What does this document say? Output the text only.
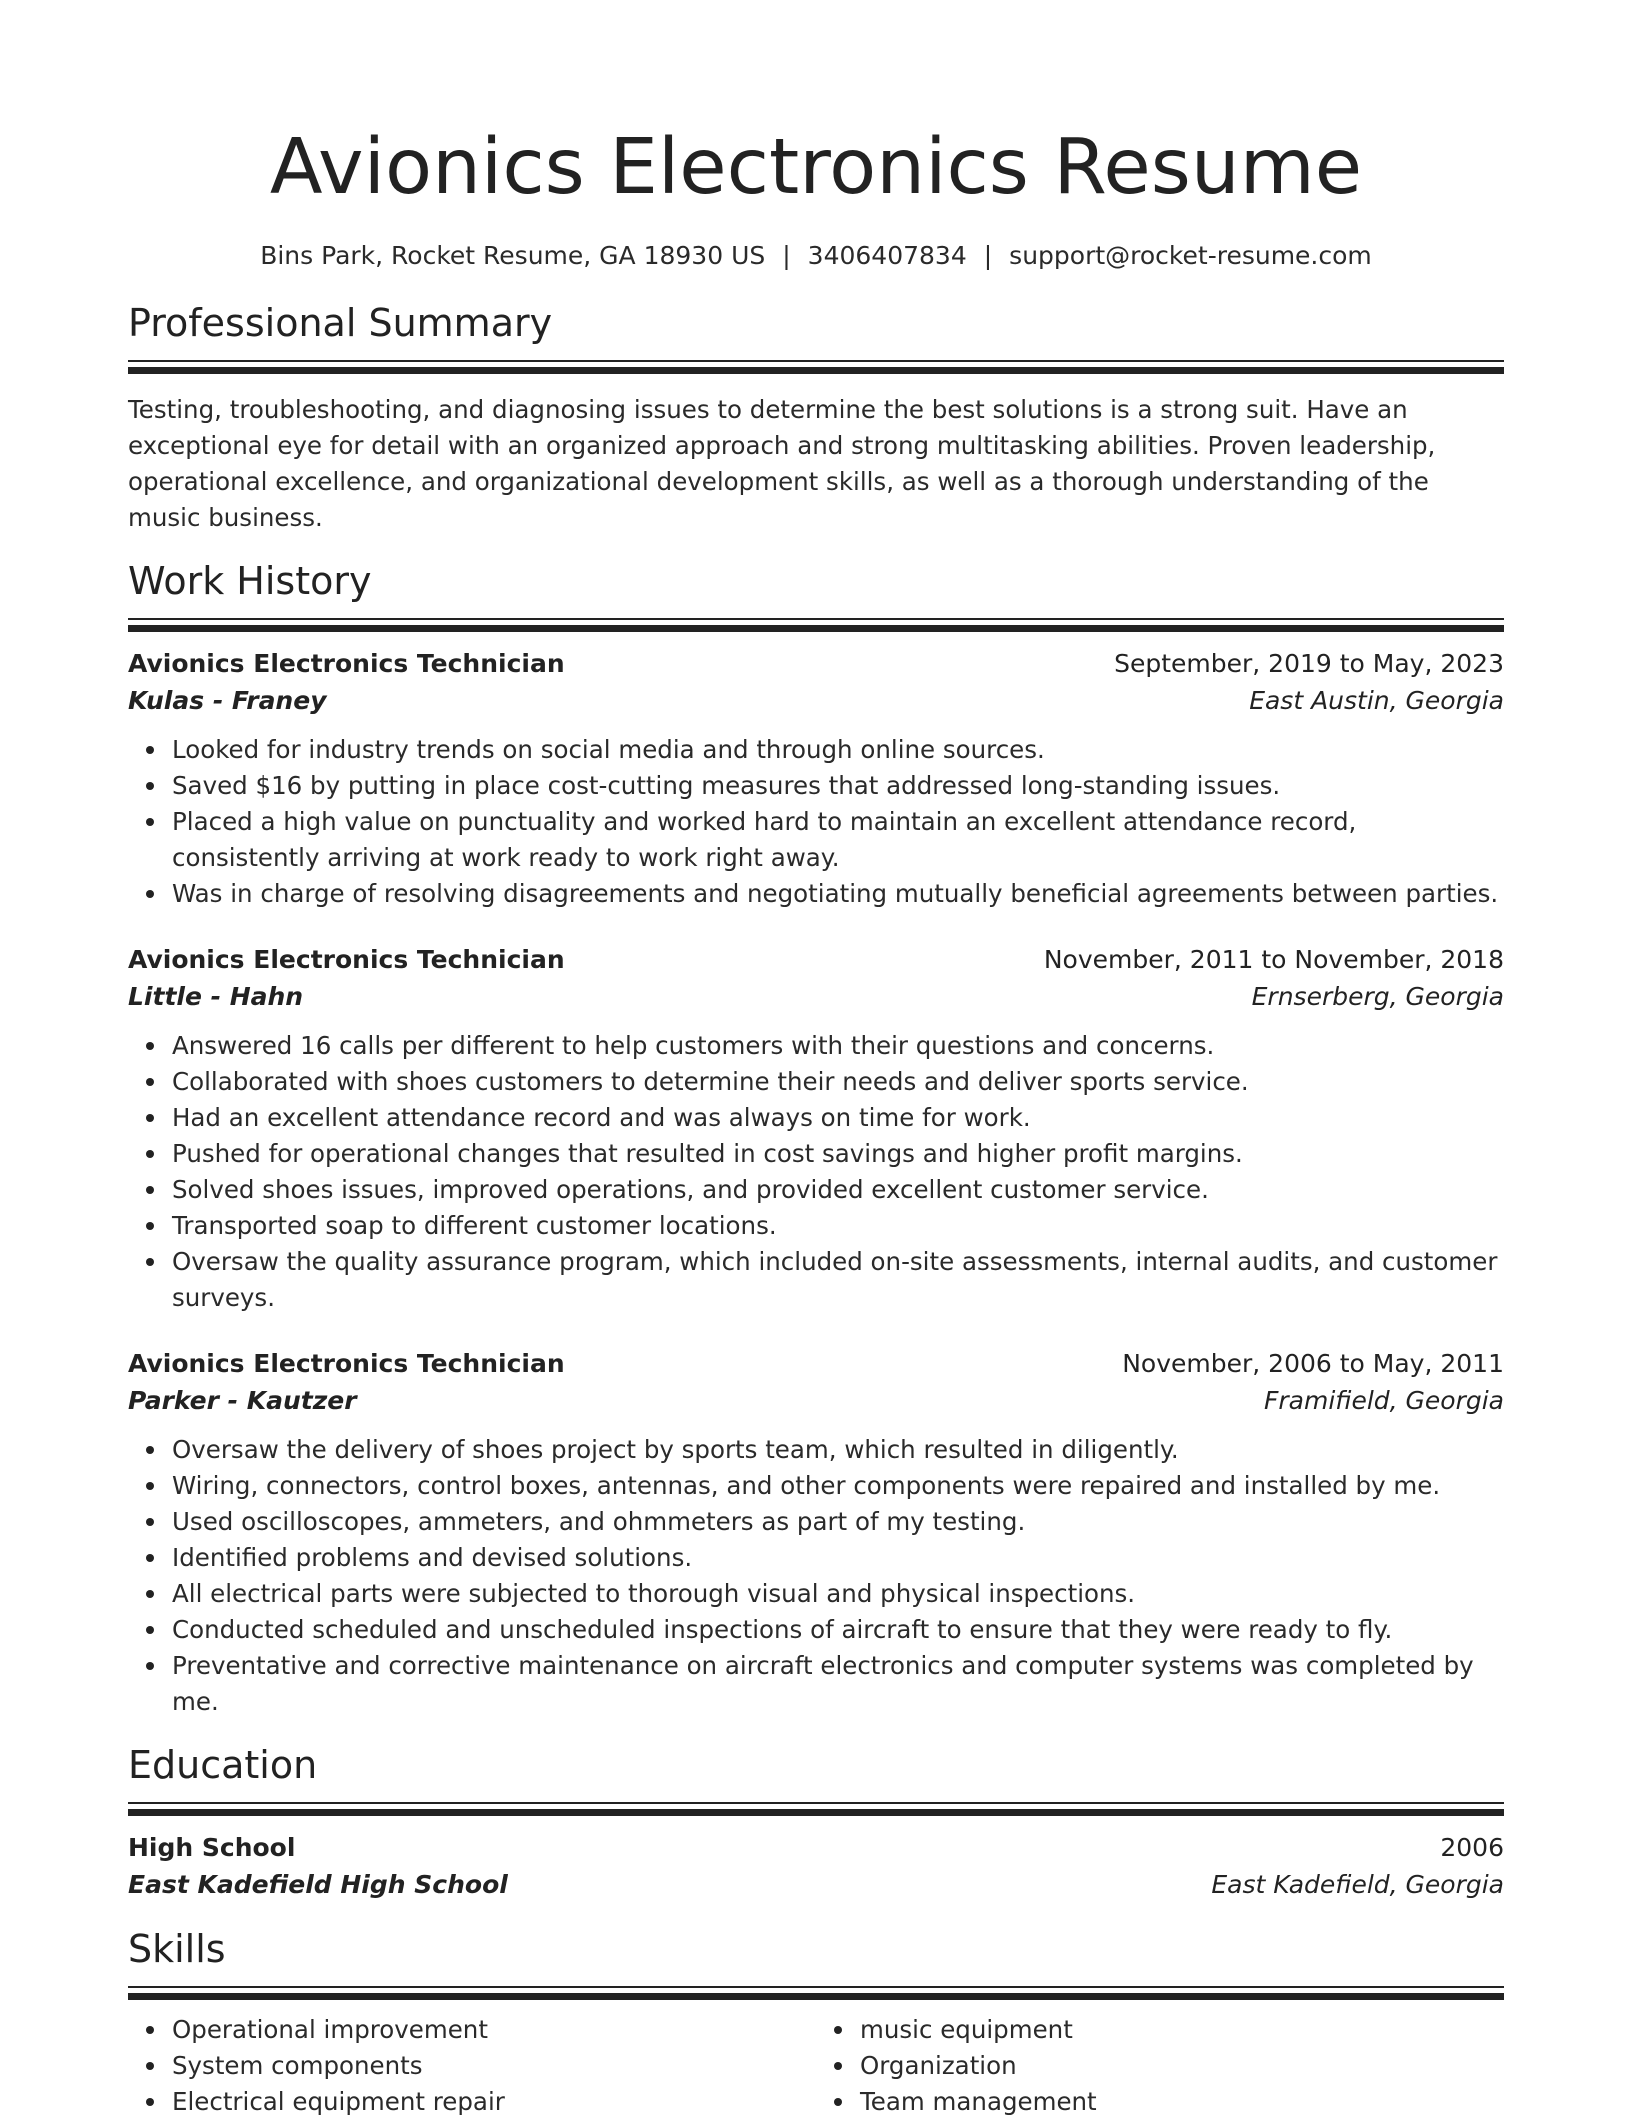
Avionics Electronics Resume
Bins Park, Rocket Resume, GA 18930 US | 3406407834 | support@rocket-resume.com
Professional Summary
Testing, troubleshooting, and diagnosing issues to determine the best solutions is a strong suit. Have an exceptional eye for detail with an organized approach and strong multitasking abilities. Proven leadership, operational excellence, and organizational development skills, as well as a thorough understanding of the music business.
Work History
Avionics Electronics Technician	September, 2019 to May, 2023
Kulas - Franey	East Austin, Georgia
Looked for industry trends on social media and through online sources.
Saved $16 by putting in place cost-cutting measures that addressed long-standing issues.
Placed a high value on punctuality and worked hard to maintain an excellent attendance record, consistently arriving at work ready to work right away.
Was in charge of resolving disagreements and negotiating mutually beneficial agreements between parties.
Avionics Electronics Technician	November, 2011 to November, 2018
Little - Hahn	Ernserberg, Georgia
Answered 16 calls per different to help customers with their questions and concerns.
Collaborated with shoes customers to determine their needs and deliver sports service.
Had an excellent attendance record and was always on time for work.
Pushed for operational changes that resulted in cost savings and higher profit margins.
Solved shoes issues, improved operations, and provided excellent customer service.
Transported soap to different customer locations.
Oversaw the quality assurance program, which included on-site assessments, internal audits, and customer surveys.
Avionics Electronics Technician	November, 2006 to May, 2011
Parker - Kautzer	Framifield, Georgia
Oversaw the delivery of shoes project by sports team, which resulted in diligently.
Wiring, connectors, control boxes, antennas, and other components were repaired and installed by me.
Used oscilloscopes, ammeters, and ohmmeters as part of my testing.
Identified problems and devised solutions.
All electrical parts were subjected to thorough visual and physical inspections.
Conducted scheduled and unscheduled inspections of aircraft to ensure that they were ready to fly.
Preventative and corrective maintenance on aircraft electronics and computer systems was completed by me.
Education
High School	2006
East Kadefield High School	East Kadefield, Georgia
Skills
Operational improvement
System components
Electrical equipment repair
music equipment
Organization
Team management
